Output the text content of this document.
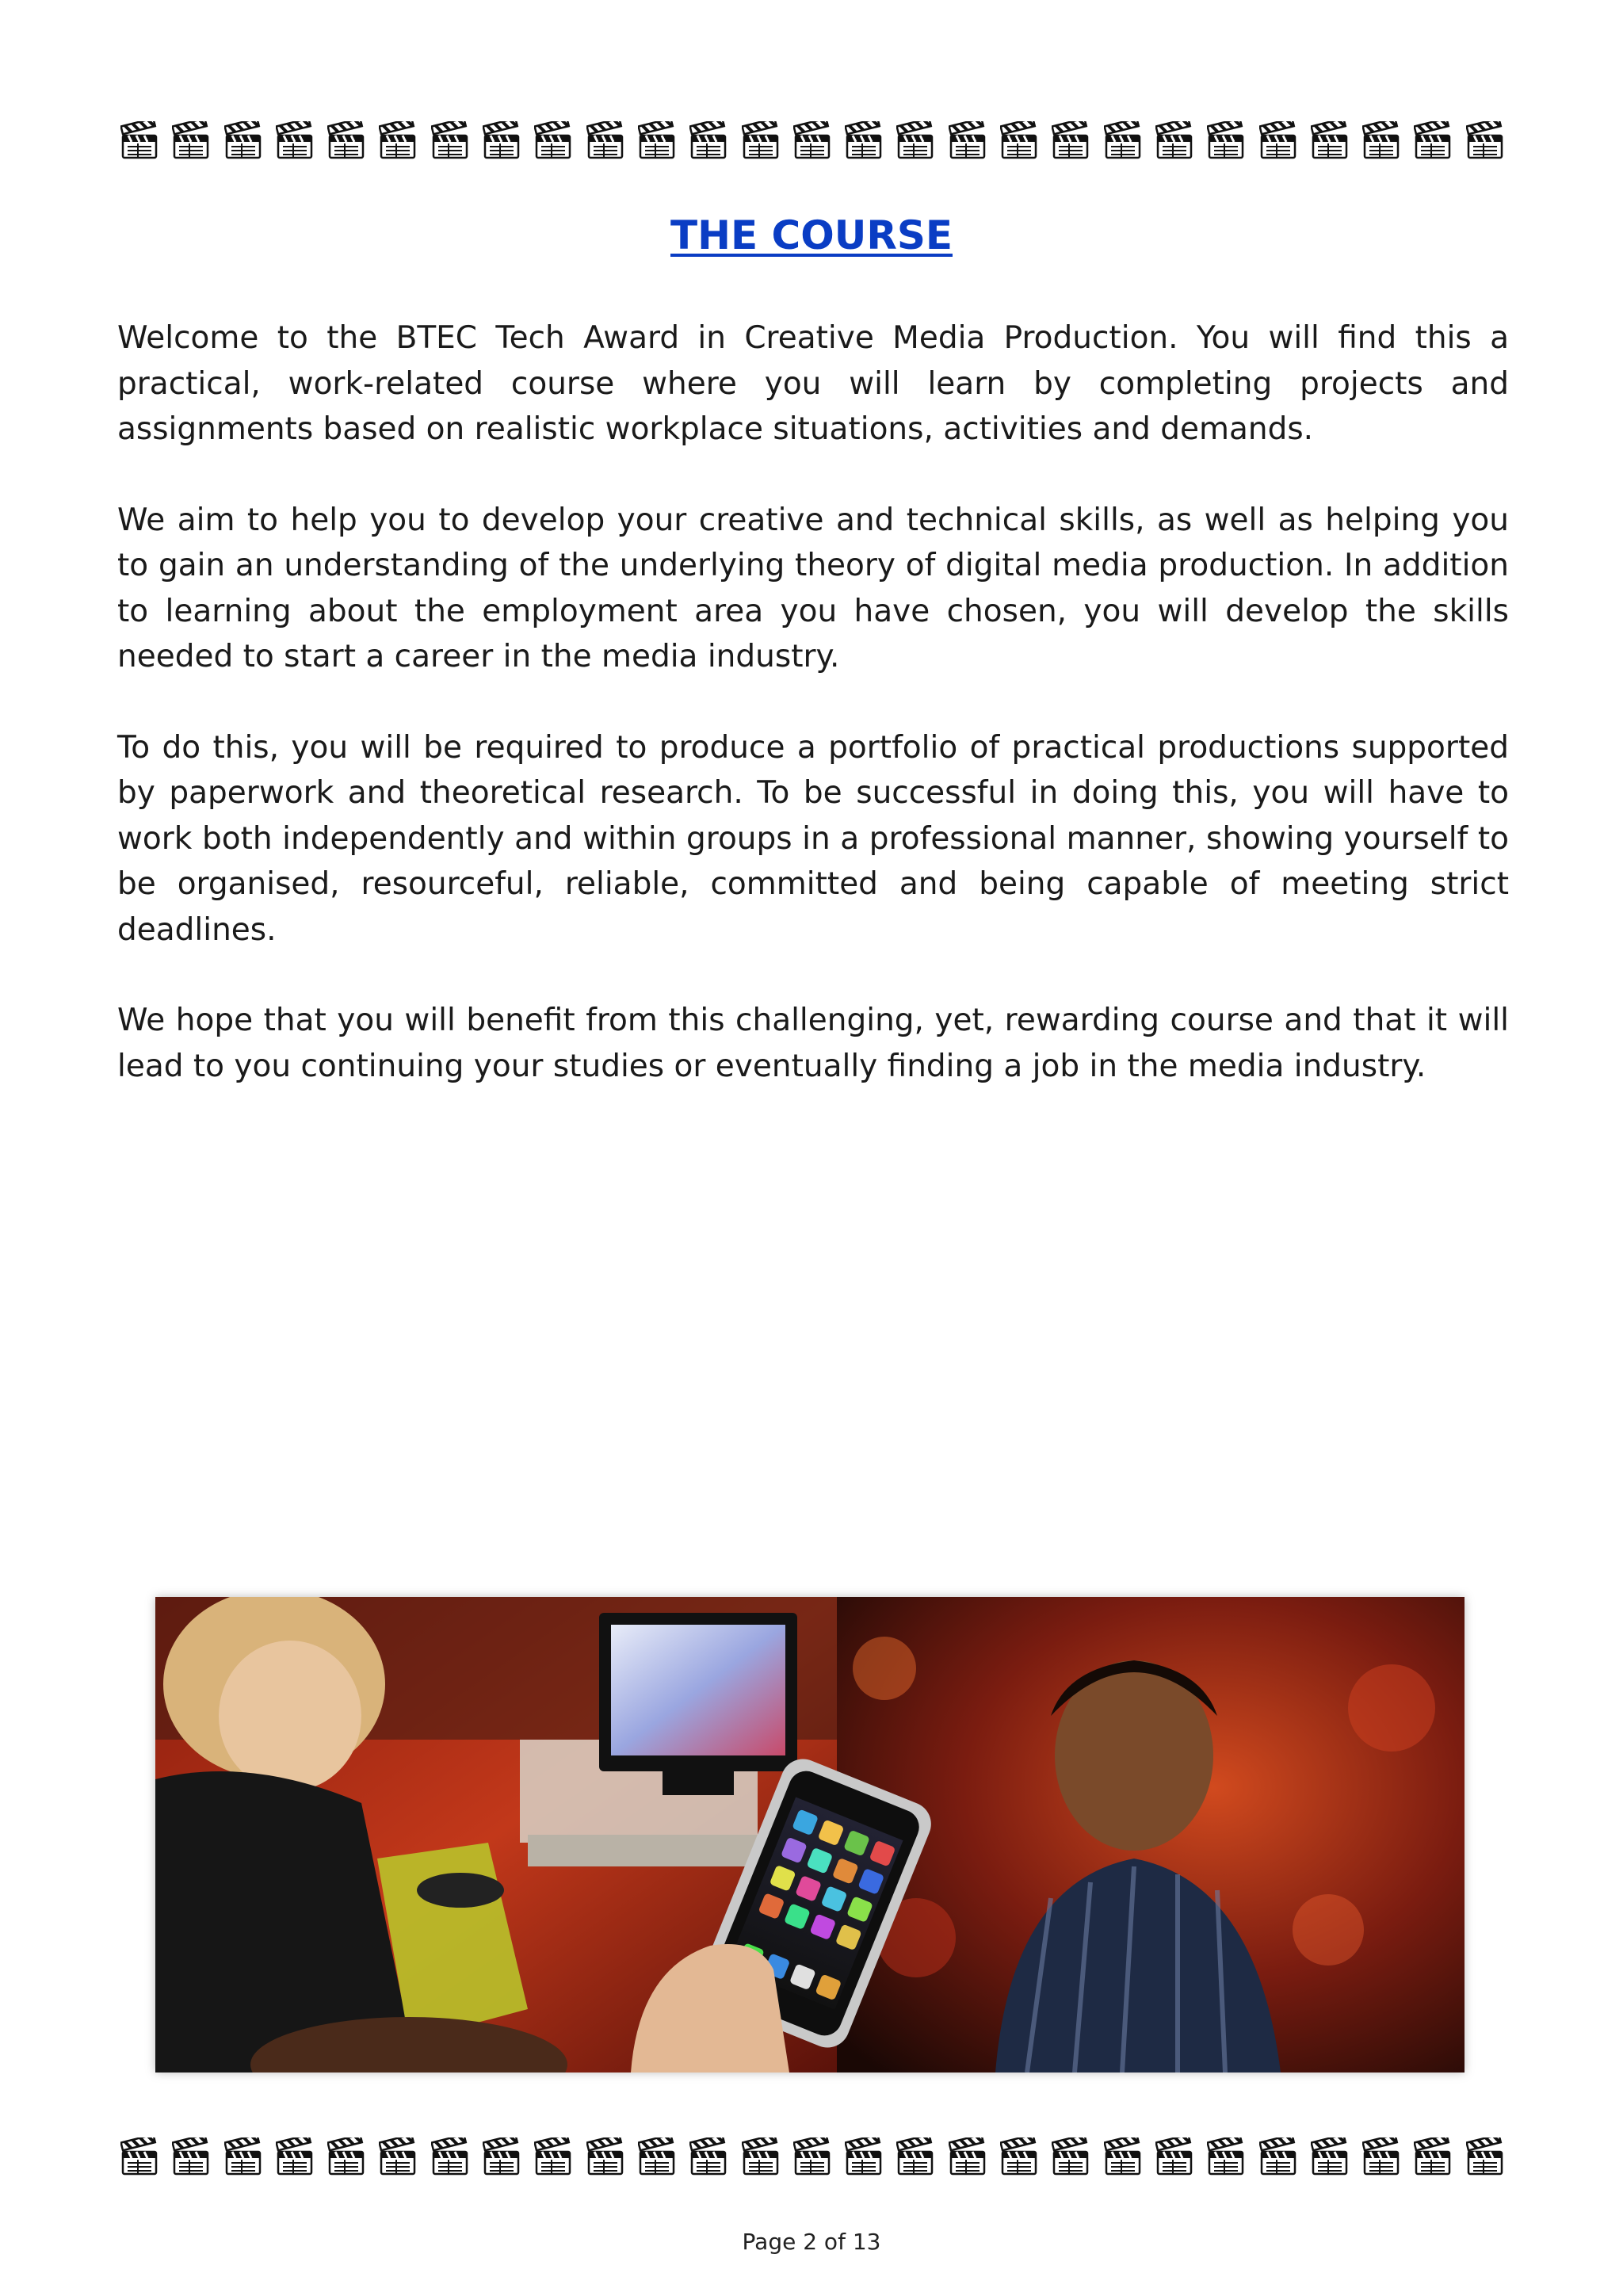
THE COURSE

Welcome to the BTEC Tech Award in Creative Media Production. You will find this a practical, work-related course where you will learn by completing projects and assignments based on realistic workplace situations, activities and demands.

We aim to help you to develop your creative and technical skills, as well as helping you to gain an understanding of the underlying theory of digital media production. In addition to learning about the employment area you have chosen, you will develop the skills needed to start a career in the media industry.

To do this, you will be required to produce a portfolio of practical productions supported by paperwork and theoretical research. To be successful in doing this, you will have to work both independently and within groups in a professional manner, showing yourself to be organised, resourceful, reliable, committed and being capable of meeting strict deadlines.

We hope that you will benefit from this challenging, yet, rewarding course and that it will lead to you continuing your studies or eventually finding a job in the media industry.

Page 2 of 13
